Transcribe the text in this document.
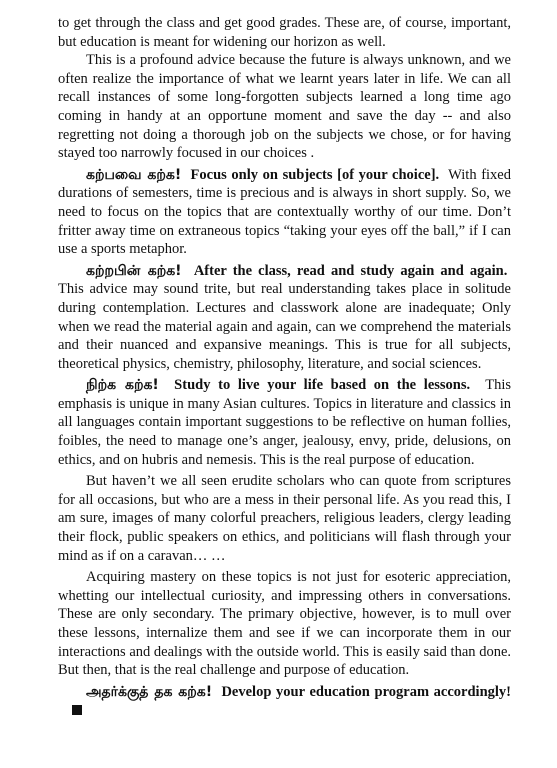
to get through the class and get good grades. These are, of course, important, but education is meant for widening our horizon as well.

This is a profound advice because the future is always unknown, and we often realize the importance of what we learnt years later in life. We can all recall instances of some long-forgotten subjects learned a long time ago coming in handy at an opportune moment and save the day -- and also regretting not doing a thorough job on the subjects we chose, or for having stayed too narrowly focused in our choices .

கற்பவை கற்க! Focus only on subjects [of your choice]. With fixed durations of semesters, time is precious and is always in short supply. So, we need to focus on the topics that are contextually worthy of our time. Don’t fritter away time on extraneous topics “taking your eyes off the ball,” if I can use a sports metaphor.

கற்றபின் கற்க! After the class, read and study again and again.  This advice may sound trite, but real understanding takes place in solitude during contemplation. Lectures and classwork alone are inadequate; Only when we read the material again and again, can we comprehend the materials and their nuanced and expansive meanings. This is true for all subjects, theoretical physics, chemistry, philosophy, literature, and social sciences.

நிற்க கற்க! Study to live your life based on the lessons. This emphasis is unique in many Asian cultures. Topics in literature and classics in all languages contain important suggestions to be reflective on human follies, foibles, the need to manage one’s anger, jealousy, envy, pride, delusions, on ethics, and on hubris and nemesis. This is the real purpose of education.

But haven’t we all seen erudite scholars who can quote from scriptures for all occasions, but who are a mess in their personal life. As you read this, I am sure, images of many colorful preachers, religious leaders, clergy leading their flock, public speakers on ethics, and politicians will flash through your mind as if on a caravan… …

Acquiring mastery on these topics is not just for esoteric appreciation, whetting our intellectual curiosity, and impressing others in conversations. These are only secondary. The primary objective, however, is to mull over these lessons, internalize them and see if we can incorporate them in our interactions and dealings with the outside world. This is easily said than done. But then, that is the real challenge and purpose of education.

அதர்க்குத் தக கற்க! Develop your education program accordingly!
